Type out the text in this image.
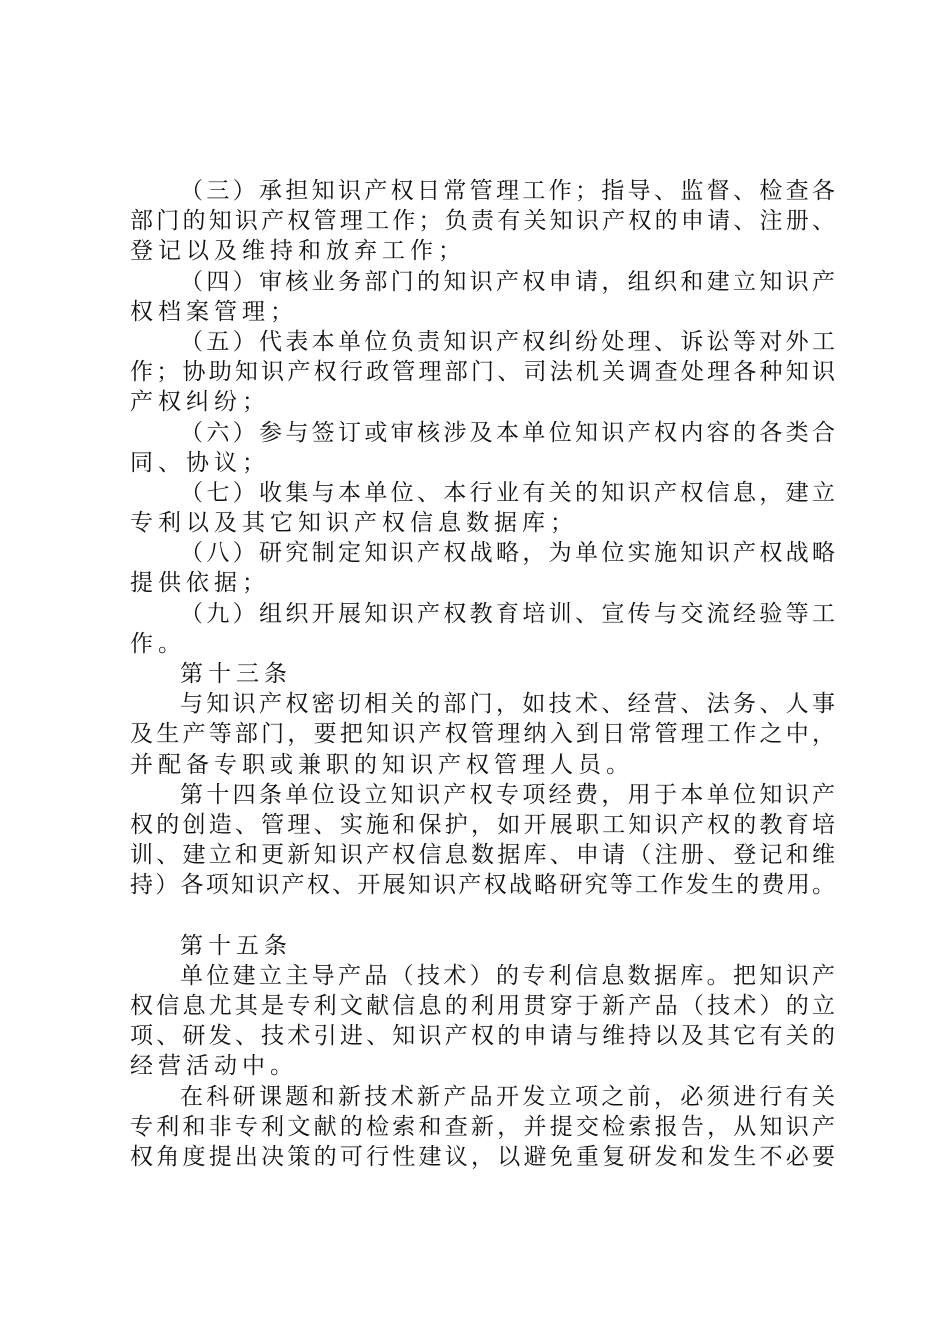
（三）承担知识产权日常管理工作；指导、监督、检查各
部门的知识产权管理工作；负责有关知识产权的申请、注册、
登记以及维持和放弃工作；
（四）审核业务部门的知识产权申请，组织和建立知识产
权档案管理；
（五）代表本单位负责知识产权纠纷处理、诉讼等对外工
作；协助知识产权行政管理部门、司法机关调查处理各种知识
产权纠纷；
（六）参与签订或审核涉及本单位知识产权内容的各类合
同、协议；
（七）收集与本单位、本行业有关的知识产权信息，建立
专利以及其它知识产权信息数据库；
（八）研究制定知识产权战略，为单位实施知识产权战略
提供依据；
（九）组织开展知识产权教育培训、宣传与交流经验等工
作。
第十三条
与知识产权密切相关的部门，如技术、经营、法务、人事
及生产等部门，要把知识产权管理纳入到日常管理工作之中，
并配备专职或兼职的知识产权管理人员。
第十四条单位设立知识产权专项经费，用于本单位知识产
权的创造、管理、实施和保护，如开展职工知识产权的教育培
训、建立和更新知识产权信息数据库、申请（注册、登记和维
持）各项知识产权、开展知识产权战略研究等工作发生的费用。
第十五条
单位建立主导产品（技术）的专利信息数据库。把知识产
权信息尤其是专利文献信息的利用贯穿于新产品（技术）的立
项、研发、技术引进、知识产权的申请与维持以及其它有关的
经营活动中。
在科研课题和新技术新产品开发立项之前，必须进行有关
专利和非专利文献的检索和查新，并提交检索报告，从知识产
权角度提出决策的可行性建议，以避免重复研发和发生不必要
